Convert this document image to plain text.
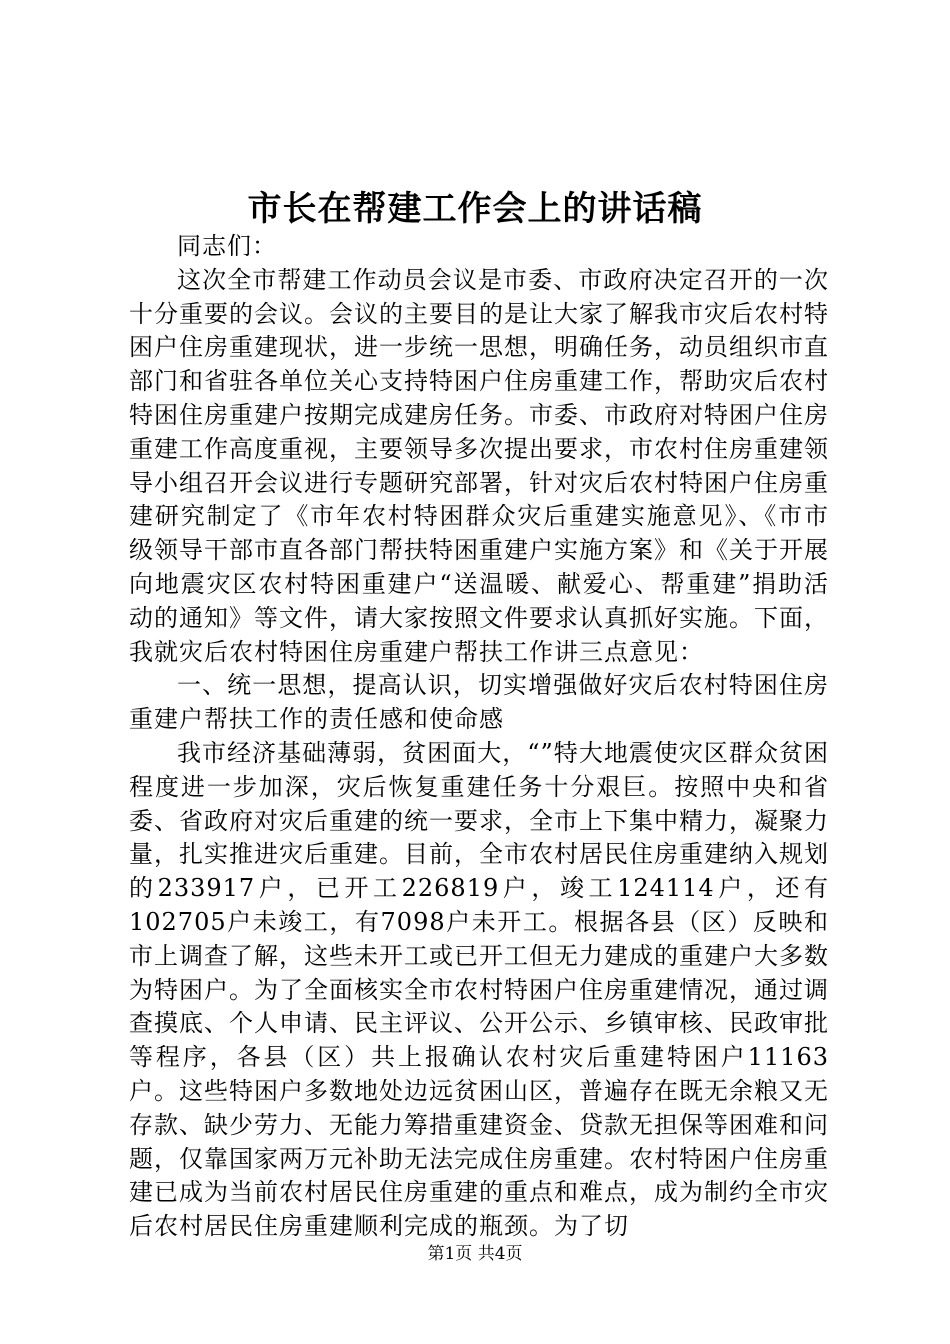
市长在帮建工作会上的讲话稿

同志们：

这次全市帮建工作动员会议是市委、市政府决定召开的一次十分重要的会议。会议的主要目的是让大家了解我市灾后农村特困户住房重建现状，进一步统一思想，明确任务，动员组织市直部门和省驻各单位关心支持特困户住房重建工作，帮助灾后农村特困住房重建户按期完成建房任务。市委、市政府对特困户住房重建工作高度重视，主要领导多次提出要求，市农村住房重建领导小组召开会议进行专题研究部署，针对灾后农村特困户住房重建研究制定了《市年农村特困群众灾后重建实施意见》、《市市级领导干部市直各部门帮扶特困重建户实施方案》和《关于开展向地震灾区农村特困重建户“送温暖、献爱心、帮重建”捐助活动的通知》等文件，请大家按照文件要求认真抓好实施。下面，我就灾后农村特困住房重建户帮扶工作讲三点意见：

一、统一思想，提高认识，切实增强做好灾后农村特困住房重建户帮扶工作的责任感和使命感

我市经济基础薄弱，贫困面大，“”特大地震使灾区群众贫困程度进一步加深，灾后恢复重建任务十分艰巨。按照中央和省委、省政府对灾后重建的统一要求，全市上下集中精力，凝聚力量，扎实推进灾后重建。目前，全市农村居民住房重建纳入规划的233917户，已开工226819户，竣工124114户，还有102705户未竣工，有7098户未开工。根据各县（区）反映和市上调查了解，这些未开工或已开工但无力建成的重建户大多数为特困户。为了全面核实全市农村特困户住房重建情况，通过调查摸底、个人申请、民主评议、公开公示、乡镇审核、民政审批等程序，各县（区）共上报确认农村灾后重建特困户11163户。这些特困户多数地处边远贫困山区，普遍存在既无余粮又无存款、缺少劳力、无能力筹措重建资金、贷款无担保等困难和问题，仅靠国家两万元补助无法完成住房重建。农村特困户住房重建已成为当前农村居民住房重建的重点和难点，成为制约全市灾后农村居民住房重建顺利完成的瓶颈。为了切

第1页 共4页
